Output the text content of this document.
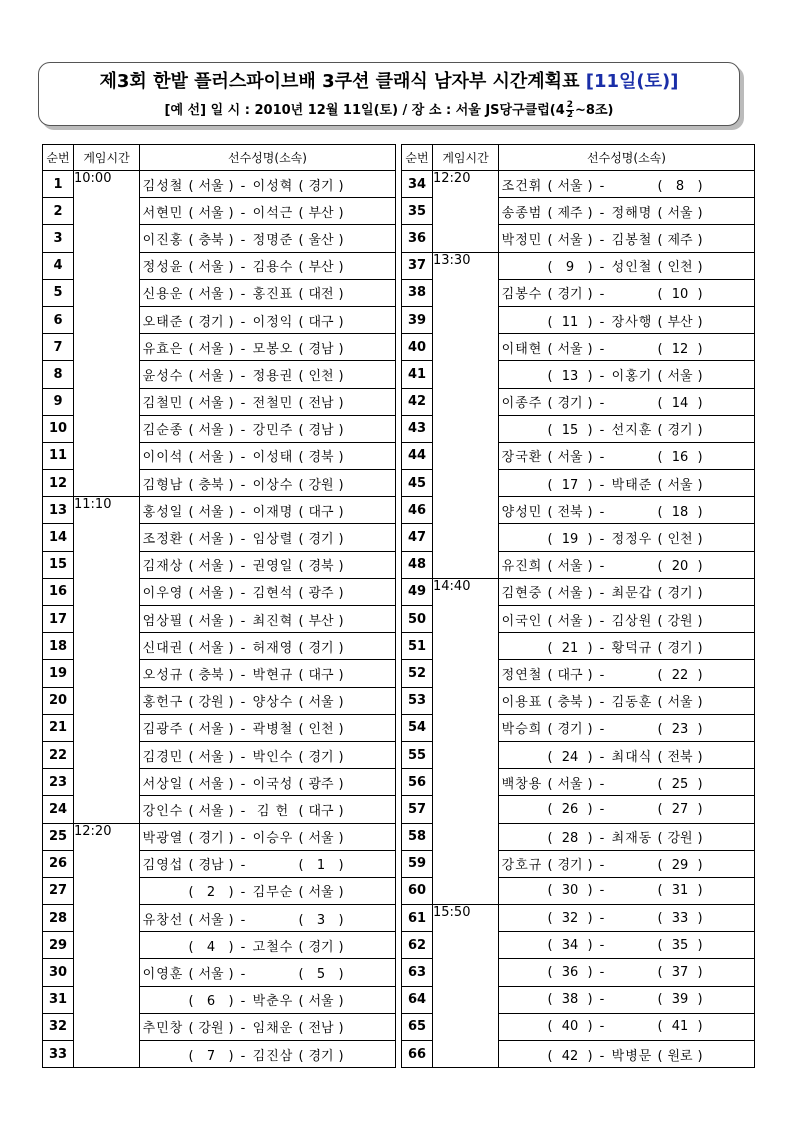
제3회 한밭 플러스파이브배 3쿠션 클래식 남자부 시간계획표 [11일(토)]
[예 선] 일 시 : 2010년 12월 11일(토) / 장 소 : 서울 JS당구클럽($4 \frac{2}{2}$ ~8조)
순번	게임시간	선수성명(소속)
1	10:00	김성철 ( 서울 ) - 이성혁 ( 경기 )
2		서현민 ( 서울 ) - 이석근 ( 부산 )
3		이진홍 ( 충북 ) - 정명준 ( 울산 )
4		정성윤 ( 서울 ) - 김용수 ( 부산 )
5		신용운 ( 서울 ) - 홍진표 ( 대전 )
6		오태준 ( 경기 ) - 이정익 ( 대구 )
7		유효은 ( 서울 ) - 모봉오 ( 경남 )
8		윤성수 ( 서울 ) - 정용권 ( 인천 )
9		김철민 ( 서울 ) - 전철민 ( 전남 )
10		김순종 ( 서울 ) - 강민주 ( 경남 )
11		이이석 ( 서울 ) - 이성태 ( 경북 )
12		김형남 ( 충북 ) - 이상수 ( 강원 )
13	11:10	홍성일 ( 서울 ) - 이재명 ( 대구 )
14		조정환 ( 서울 ) - 임상렬 ( 경기 )
15		김재상 ( 서울 ) - 권영일 ( 경북 )
16		이우영 ( 서울 ) - 김현석 ( 광주 )
17		엄상필 ( 서울 ) - 최진혁 ( 부산 )
18		신대권 ( 서울 ) - 허재영 ( 경기 )
19		오성규 ( 충북 ) - 박현규 ( 대구 )
20		홍헌구 ( 강원 ) - 양상수 ( 서울 )
21		김광주 ( 서울 ) - 곽병철 ( 인천 )
22		김경민 ( 서울 ) - 박인수 ( 경기 )
23		서상일 ( 서울 ) - 이국성 ( 광주 )
24		강인수 ( 서울 ) - 김 헌 ( 대구 )
25	12:20	박광열 ( 경기 ) - 이승우 ( 서울 )
26		김영섭 ( 경남 ) - ( 1 )
27		( 2 ) - 김무순 ( 서울 )
28		유창선 ( 서울 ) - ( 3 )
29		( 4 ) - 고철수 ( 경기 )
30		이영훈 ( 서울 ) - ( 5 )
31		( 6 ) - 박춘우 ( 서울 )
32		추민창 ( 강원 ) - 임채운 ( 전남 )
33		( 7 ) - 김진삼 ( 경기 )
순번	게임시간	선수성명(소속)
34	12:20	조건휘 ( 서울 ) - ( 8 )
35		송종범 ( 제주 ) - 정해명 ( 서울 )
36		박정민 ( 서울 ) - 김봉철 ( 제주 )
37	13:30	( 9 ) - 성인철 ( 인천 )
38		김봉수 ( 경기 ) - ( 10 )
39		( 11 ) - 장사행 ( 부산 )
40		이태현 ( 서울 ) - ( 12 )
41		( 13 ) - 이홍기 ( 서울 )
42		이종주 ( 경기 ) - ( 14 )
43		( 15 ) - 선지훈 ( 경기 )
44		장국환 ( 서울 ) - ( 16 )
45		( 17 ) - 박태준 ( 서울 )
46		양성민 ( 전북 ) - ( 18 )
47		( 19 ) - 정정우 ( 인천 )
48		유진희 ( 서울 ) - ( 20 )
49	14:40	김현중 ( 서울 ) - 최문갑 ( 경기 )
50		이국인 ( 서울 ) - 김상원 ( 강원 )
51		( 21 ) - 황덕규 ( 경기 )
52		정연철 ( 대구 ) - ( 22 )
53		이용표 ( 충북 ) - 김동훈 ( 서울 )
54		박승희 ( 경기 ) - ( 23 )
55		( 24 ) - 최대식 ( 전북 )
56		백창용 ( 서울 ) - ( 25 )
57		( 26 ) - ( 27 )
58		( 28 ) - 최재동 ( 강원 )
59		강호규 ( 경기 ) - ( 29 )
60		( 30 ) - ( 31 )
61	15:50	( 32 ) - ( 33 )
62		( 34 ) - ( 35 )
63		( 36 ) - ( 37 )
64		( 38 ) - ( 39 )
65		( 40 ) - ( 41 )
66		( 42 ) - 박병문 ( 원로 )
